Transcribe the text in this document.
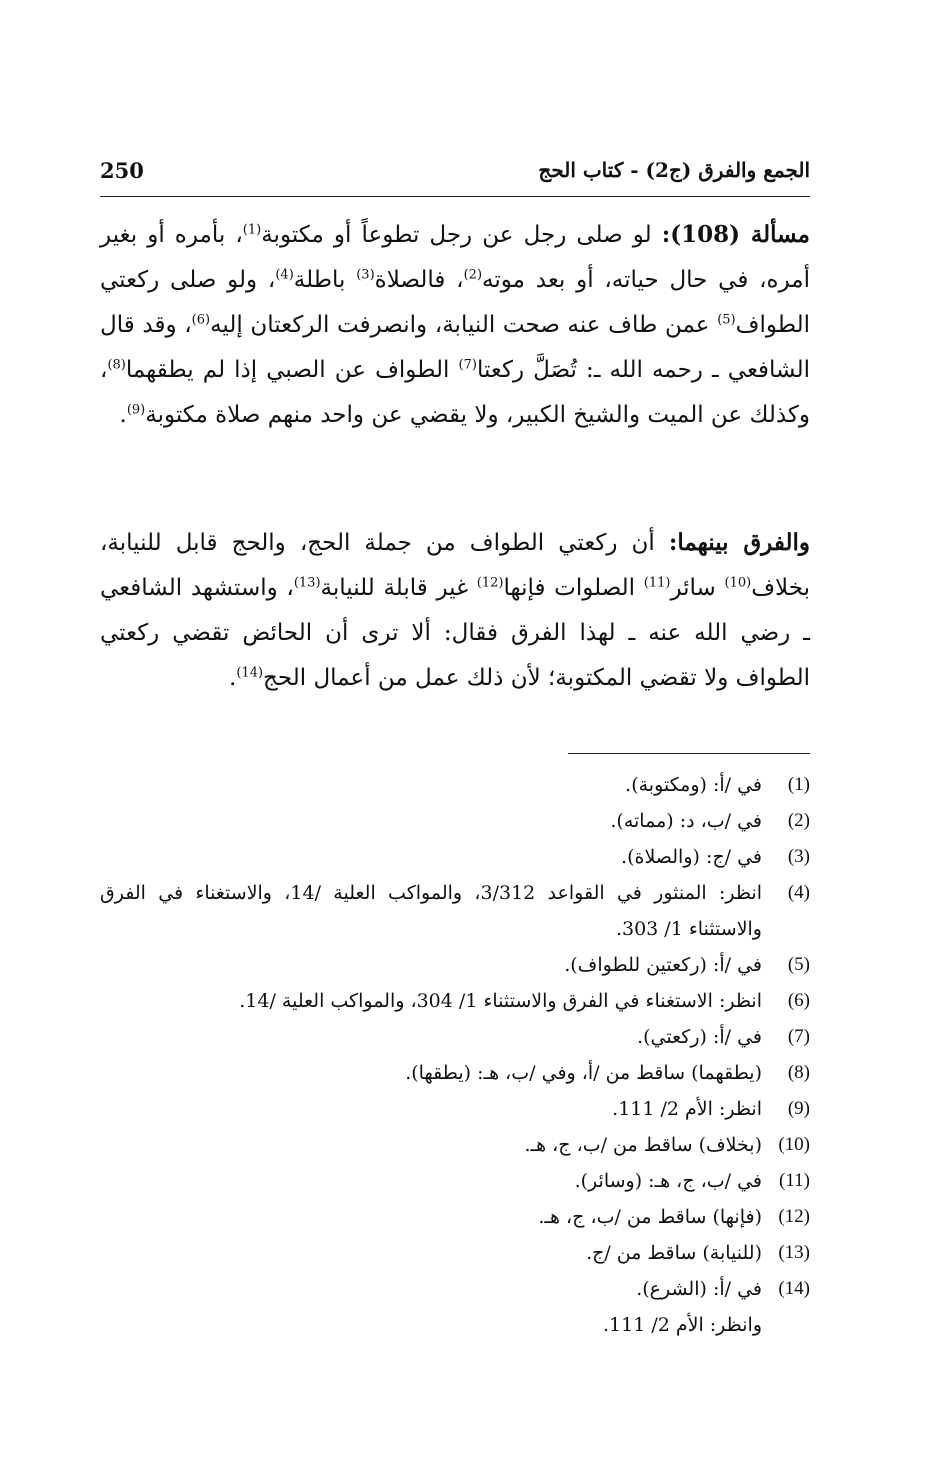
250	الجمع والفرق (ج2) - كتاب الحج

مسألة (108): لو صلى رجل عن رجل تطوعاً أو مكتوبة$^{(1)}$، بأمره أو بغير أمره، في حال حياته، أو بعد موته$^{(2)}$، فالصلاة$^{(3)}$ باطلة$^{(4)}$، ولو صلى ركعتي الطواف$^{(5)}$ عمن طاف عنه صحت النيابة، وانصرفت الركعتان إليه$^{(6)}$، وقد قال الشافعي ـ رحمه الله ـ: تُصَلَّ ركعتا$^{(7)}$ الطواف عن الصبي إذا لم يطقهما$^{(8)}$، وكذلك عن الميت والشيخ الكبير، ولا يقضي عن واحد منهم صلاة مكتوبة$^{(9)}$.

والفرق بينهما: أن ركعتي الطواف من جملة الحج، والحج قابل للنيابة، بخلاف$^{(10)}$ سائر$^{(11)}$ الصلوات فإنها$^{(12)}$ غير قابلة للنيابة$^{(13)}$، واستشهد الشافعي ـ رضي الله عنه ـ لهذا الفرق فقال: ألا ترى أن الحائض تقضي ركعتي الطواف ولا تقضي المكتوبة؛ لأن ذلك عمل من أعمال الحج$^{(14)}$.

(1)
في /أ: (ومكتوبة).
(2)
في /ب، د: (مماته).
(3)
في /ج: (والصلاة).
(4)
انظر: المنثور في القواعد 3/312، والمواكب العلية /14، والاستغناء في الفرق والاستثناء 1/ 303.
(5)
في /أ: (ركعتين للطواف).
(6)
انظر: الاستغناء في الفرق والاستثناء 1/ 304، والمواكب العلية /14.
(7)
في /أ: (ركعتي).
(8)
(يطقهما) ساقط من /أ، وفي /ب، هـ: (يطقها).
(9)
انظر: الأم 2/ 111.
(10)
(بخلاف) ساقط من /ب، ج، هـ.
(11)
في /ب، ج، هـ: (وسائر).
(12)
(فإنها) ساقط من /ب، ج، هـ.
(13)
(للنيابة) ساقط من /ج.
(14)
في /أ: (الشرع).
وانظر: الأم 2/ 111.
